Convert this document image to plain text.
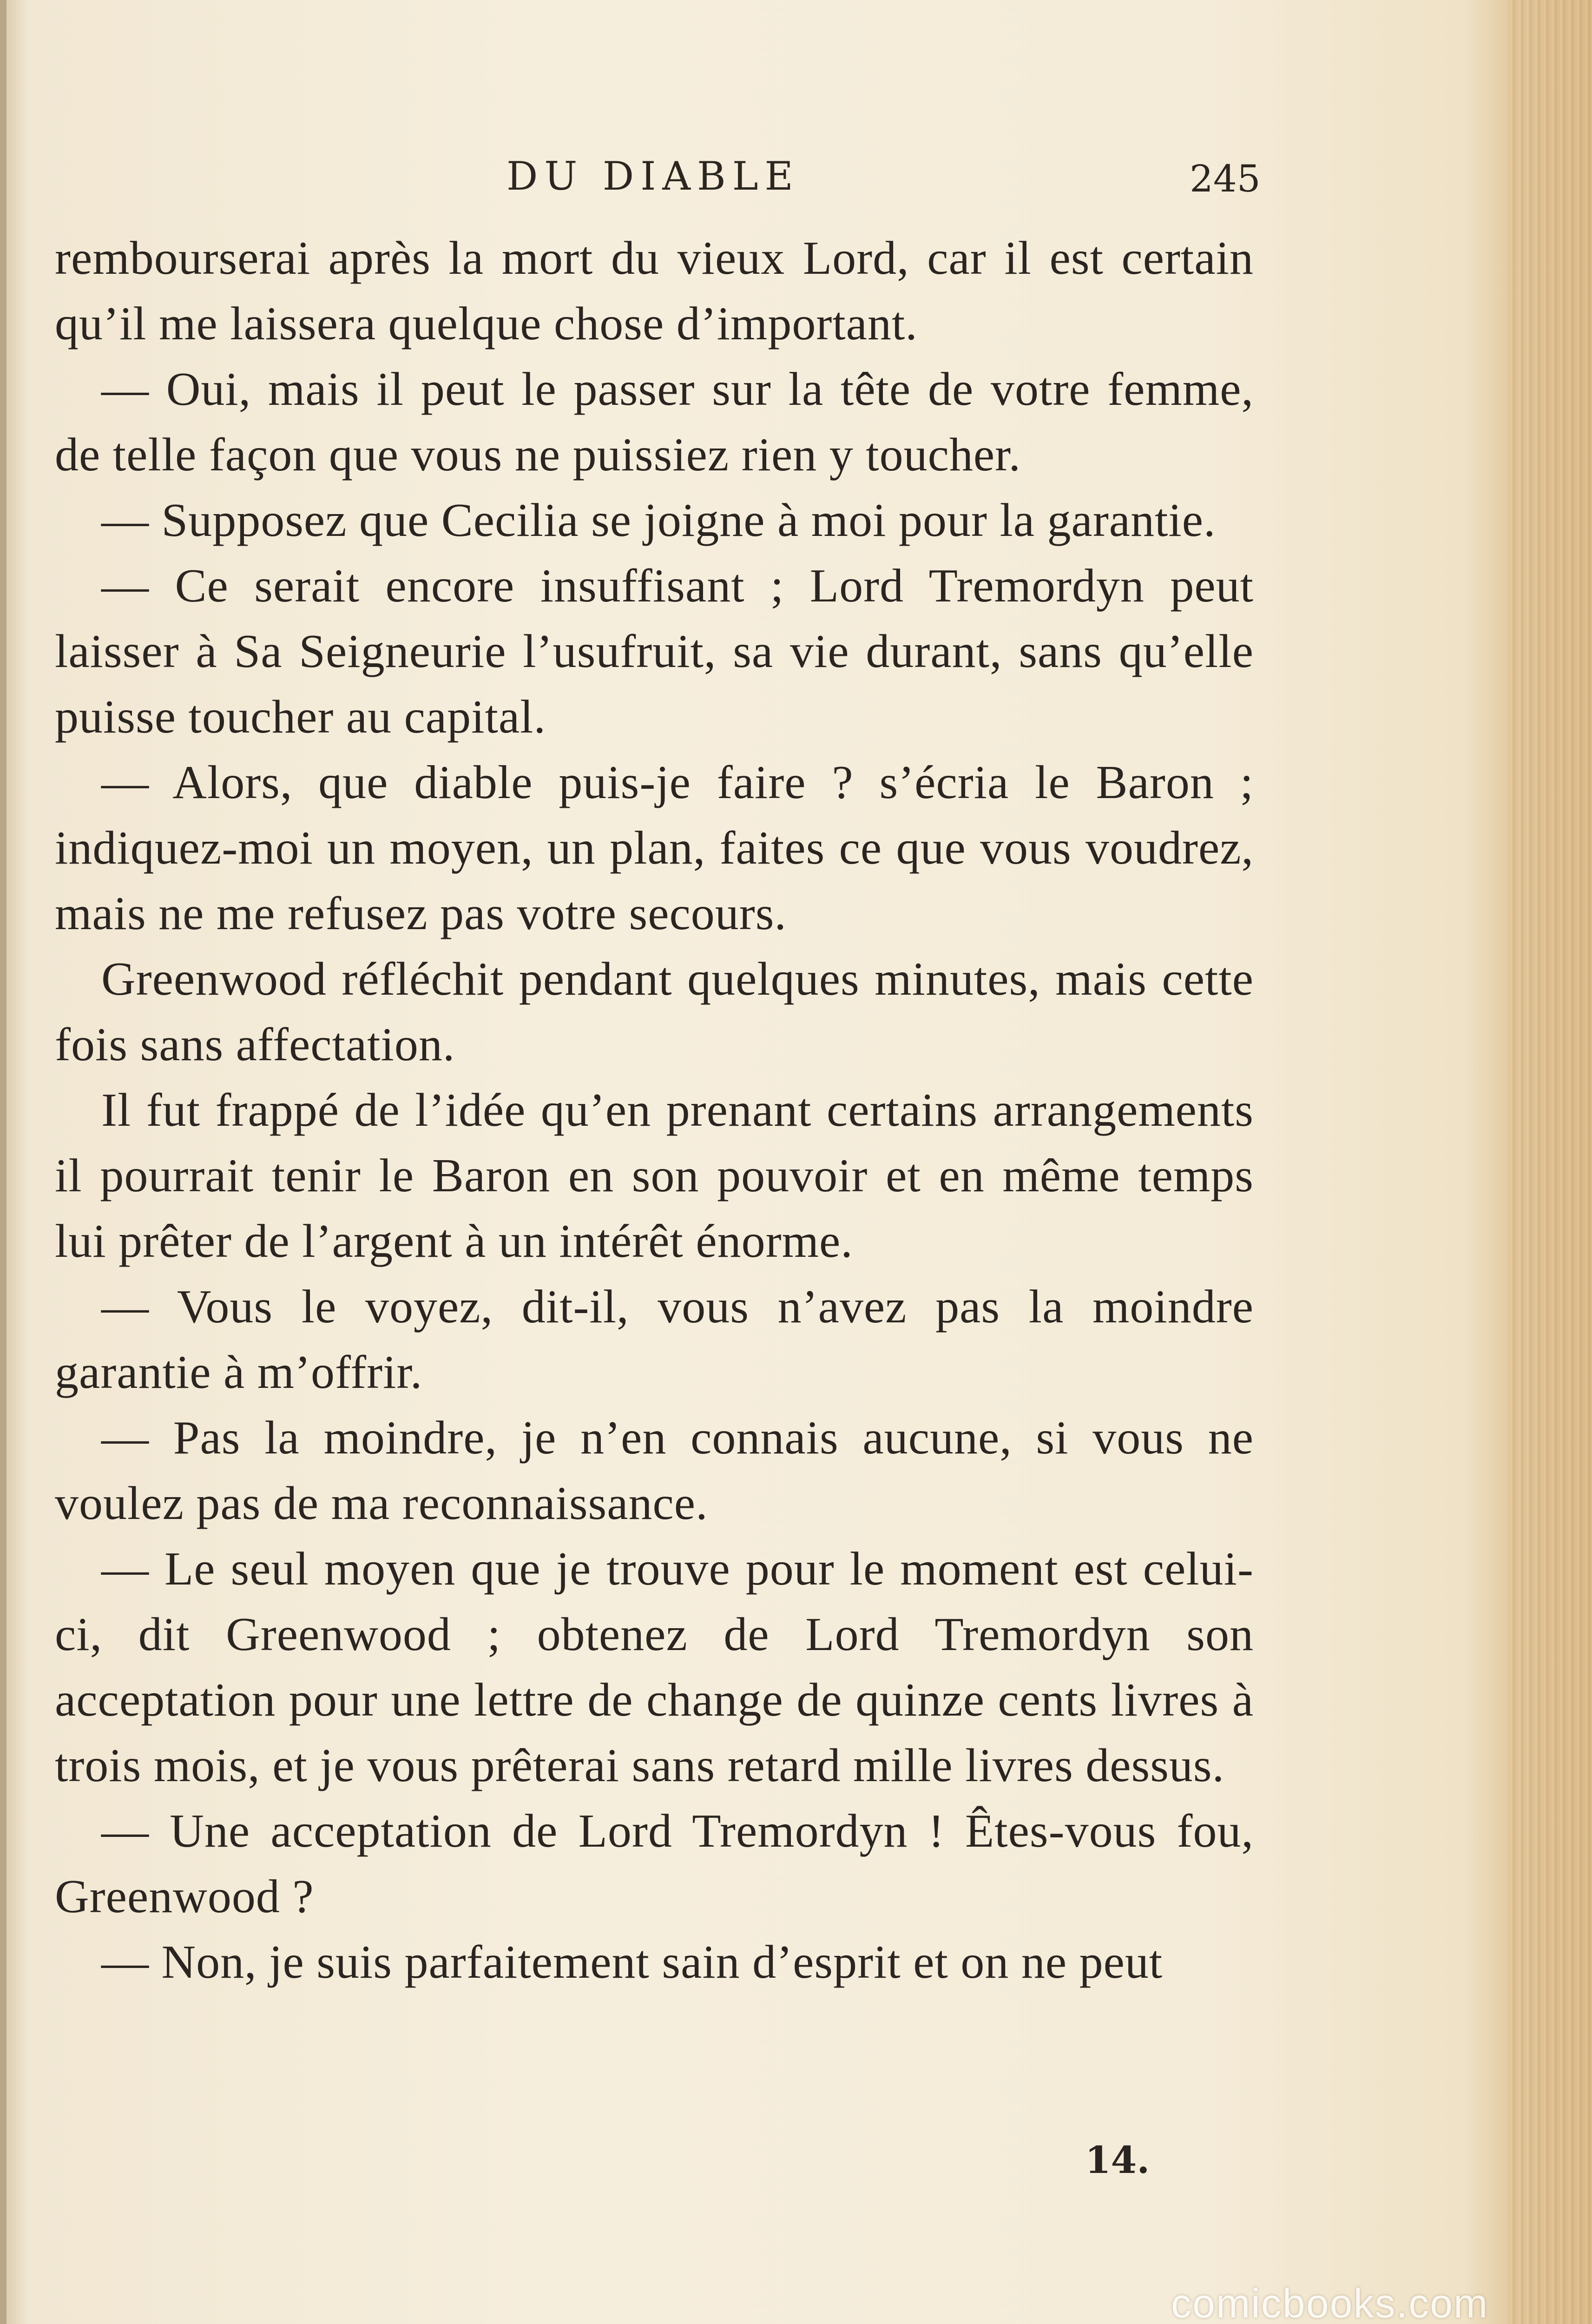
DU DIABLE	245

rembourserai après la mort du vieux Lord, car il est certain qu’il me laissera quelque chose d’important.

— Oui, mais il peut le passer sur la tête de votre femme, de telle façon que vous ne puissiez rien y toucher.

— Supposez que Cecilia se joigne à moi pour la garantie.

— Ce serait encore insuffisant ; Lord Tremordyn peut laisser à Sa Seigneurie l’usufruit, sa vie durant, sans qu’elle puisse toucher au capital.

— Alors, que diable puis-je faire ? s’écria le Baron ; indiquez-moi un moyen, un plan, faites ce que vous voudrez, mais ne me refusez pas votre secours.

Greenwood réfléchit pendant quelques minutes, mais cette fois sans affectation.

Il fut frappé de l’idée qu’en prenant certains arrangements il pourrait tenir le Baron en son pouvoir et en même temps lui prêter de l’argent à un intérêt énorme.

— Vous le voyez, dit-il, vous n’avez pas la moindre garantie à m’offrir.

— Pas la moindre, je n’en connais aucune, si vous ne voulez pas de ma reconnaissance.

— Le seul moyen que je trouve pour le moment est celui-ci, dit Greenwood ; obtenez de Lord Tremordyn son acceptation pour une lettre de change de quinze cents livres à trois mois, et je vous prêterai sans retard mille livres dessus.

— Une acceptation de Lord Tremordyn ! Êtes-vous fou, Greenwood ?

— Non, je suis parfaitement sain d’esprit et on ne peut

14.
comicbooks.com
